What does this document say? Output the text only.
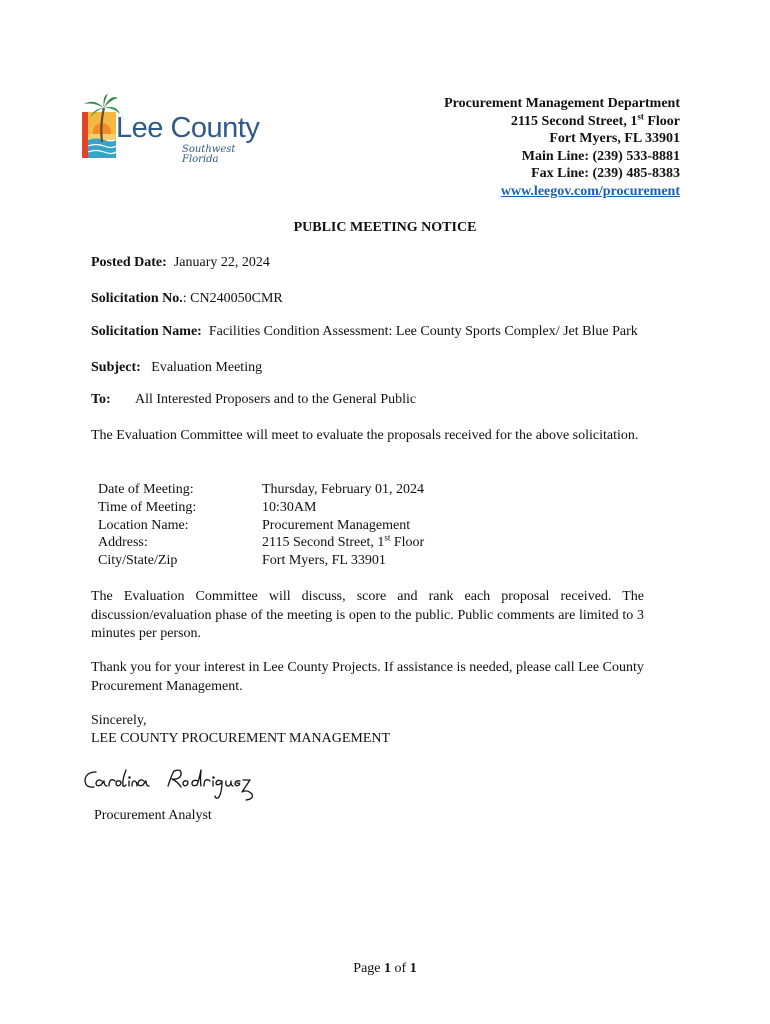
Lee County
Southwest Florida
Procurement Management Department
2115 Second Street, 1st Floor
Fort Myers, FL 33901
Main Line: (239) 533-8881
Fax Line: (239) 485-8383
www.leegov.com/procurement
PUBLIC MEETING NOTICE
Posted Date: January 22, 2024
Solicitation No.: CN240050CMR
Solicitation Name: Facilities Condition Assessment: Lee County Sports Complex/ Jet Blue Park
Subject: Evaluation Meeting
To: All Interested Proposers and to the General Public
The Evaluation Committee will meet to evaluate the proposals received for the above solicitation.
Date of Meeting:	Thursday, February 01, 2024
Time of Meeting:	10:30AM
Location Name:	Procurement Management
Address:	2115 Second Street, 1st Floor
City/State/Zip	Fort Myers, FL 33901
The Evaluation Committee will discuss, score and rank each proposal received. The discussion/evaluation phase of the meeting is open to the public. Public comments are limited to 3 minutes per person.
Thank you for your interest in Lee County Projects. If assistance is needed, please call Lee County Procurement Management.
Sincerely,
LEE COUNTY PROCUREMENT MANAGEMENT
Procurement Analyst
Page 1 of 1
